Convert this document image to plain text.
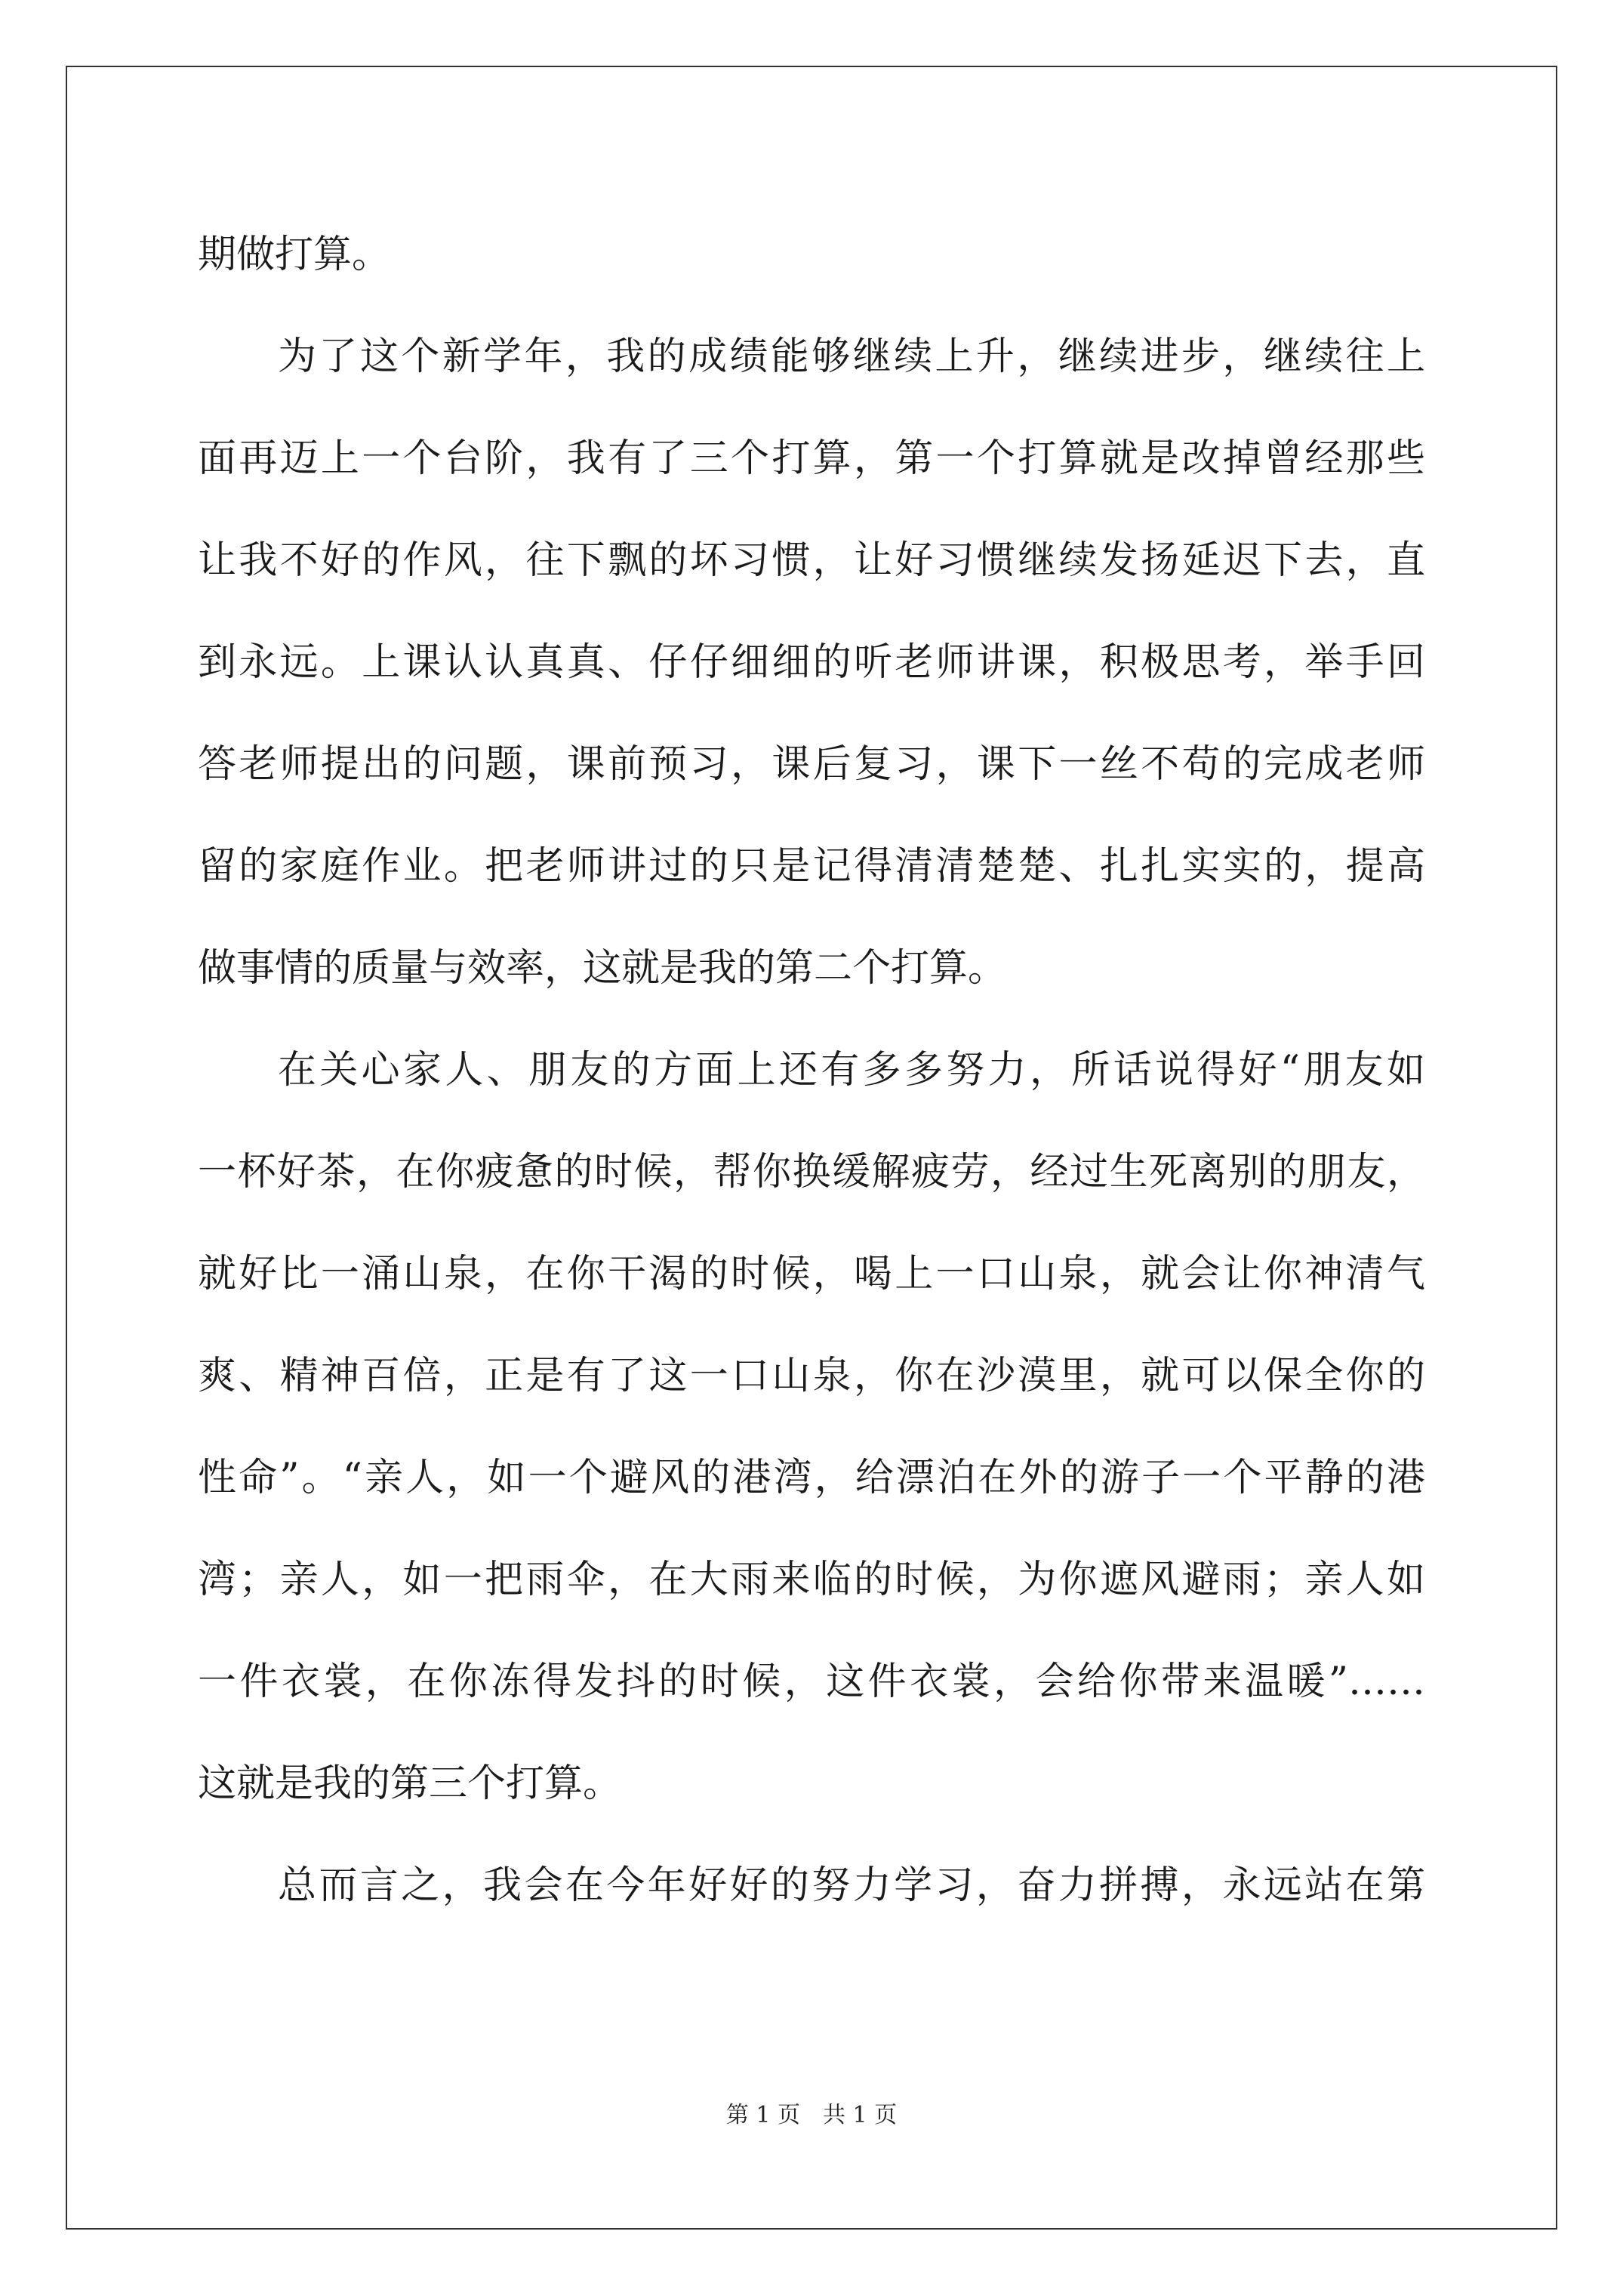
期做打算。
为了这个新学年，我的成绩能够继续上升，继续进步，继续往上
面再迈上一个台阶，我有了三个打算，第一个打算就是改掉曾经那些
让我不好的作风，往下飘的坏习惯，让好习惯继续发扬延迟下去，直
到永远。上课认认真真、仔仔细细的听老师讲课，积极思考，举手回
答老师提出的问题，课前预习，课后复习，课下一丝不苟的完成老师
留的家庭作业。把老师讲过的只是记得清清楚楚、扎扎实实的，提高
做事情的质量与效率，这就是我的第二个打算。
在关心家人、朋友的方面上还有多多努力，所话说得好“朋友如
一杯好茶，在你疲惫的时候，帮你换缓解疲劳，经过生死离别的朋友，
就好比一涌山泉，在你干渴的时候，喝上一口山泉，就会让你神清气
爽、精神百倍，正是有了这一口山泉，你在沙漠里，就可以保全你的
性命”。“亲人，如一个避风的港湾，给漂泊在外的游子一个平静的港
湾；亲人，如一把雨伞，在大雨来临的时候，为你遮风避雨；亲人如
一件衣裳，在你冻得发抖的时候，这件衣裳，会给你带来温暖”……
这就是我的第三个打算。
总而言之，我会在今年好好的努力学习，奋力拼搏，永远站在第
第 1 页　共 1 页
